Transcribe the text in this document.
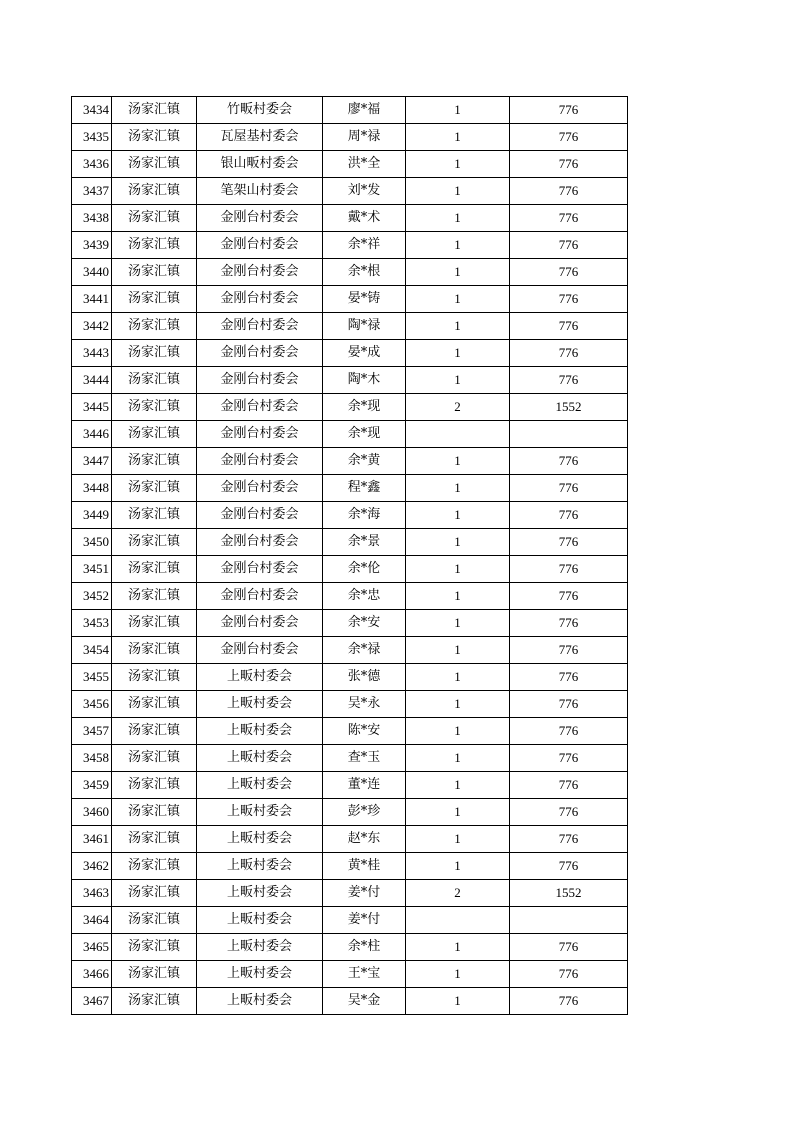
3434	汤家汇镇	竹畈村委会	廖*福	1	776
3435	汤家汇镇	瓦屋基村委会	周*禄	1	776
3436	汤家汇镇	银山畈村委会	洪*全	1	776
3437	汤家汇镇	笔架山村委会	刘*发	1	776
3438	汤家汇镇	金刚台村委会	戴*术	1	776
3439	汤家汇镇	金刚台村委会	余*祥	1	776
3440	汤家汇镇	金刚台村委会	余*根	1	776
3441	汤家汇镇	金刚台村委会	晏*铸	1	776
3442	汤家汇镇	金刚台村委会	陶*禄	1	776
3443	汤家汇镇	金刚台村委会	晏*成	1	776
3444	汤家汇镇	金刚台村委会	陶*木	1	776
3445	汤家汇镇	金刚台村委会	余*现	2	1552
3446	汤家汇镇	金刚台村委会	余*现		
3447	汤家汇镇	金刚台村委会	余*黄	1	776
3448	汤家汇镇	金刚台村委会	程*鑫	1	776
3449	汤家汇镇	金刚台村委会	余*海	1	776
3450	汤家汇镇	金刚台村委会	余*景	1	776
3451	汤家汇镇	金刚台村委会	余*伦	1	776
3452	汤家汇镇	金刚台村委会	余*忠	1	776
3453	汤家汇镇	金刚台村委会	余*安	1	776
3454	汤家汇镇	金刚台村委会	余*禄	1	776
3455	汤家汇镇	上畈村委会	张*德	1	776
3456	汤家汇镇	上畈村委会	吴*永	1	776
3457	汤家汇镇	上畈村委会	陈*安	1	776
3458	汤家汇镇	上畈村委会	查*玉	1	776
3459	汤家汇镇	上畈村委会	董*连	1	776
3460	汤家汇镇	上畈村委会	彭*珍	1	776
3461	汤家汇镇	上畈村委会	赵*东	1	776
3462	汤家汇镇	上畈村委会	黄*桂	1	776
3463	汤家汇镇	上畈村委会	姜*付	2	1552
3464	汤家汇镇	上畈村委会	姜*付		
3465	汤家汇镇	上畈村委会	余*柱	1	776
3466	汤家汇镇	上畈村委会	王*宝	1	776
3467	汤家汇镇	上畈村委会	吴*金	1	776
